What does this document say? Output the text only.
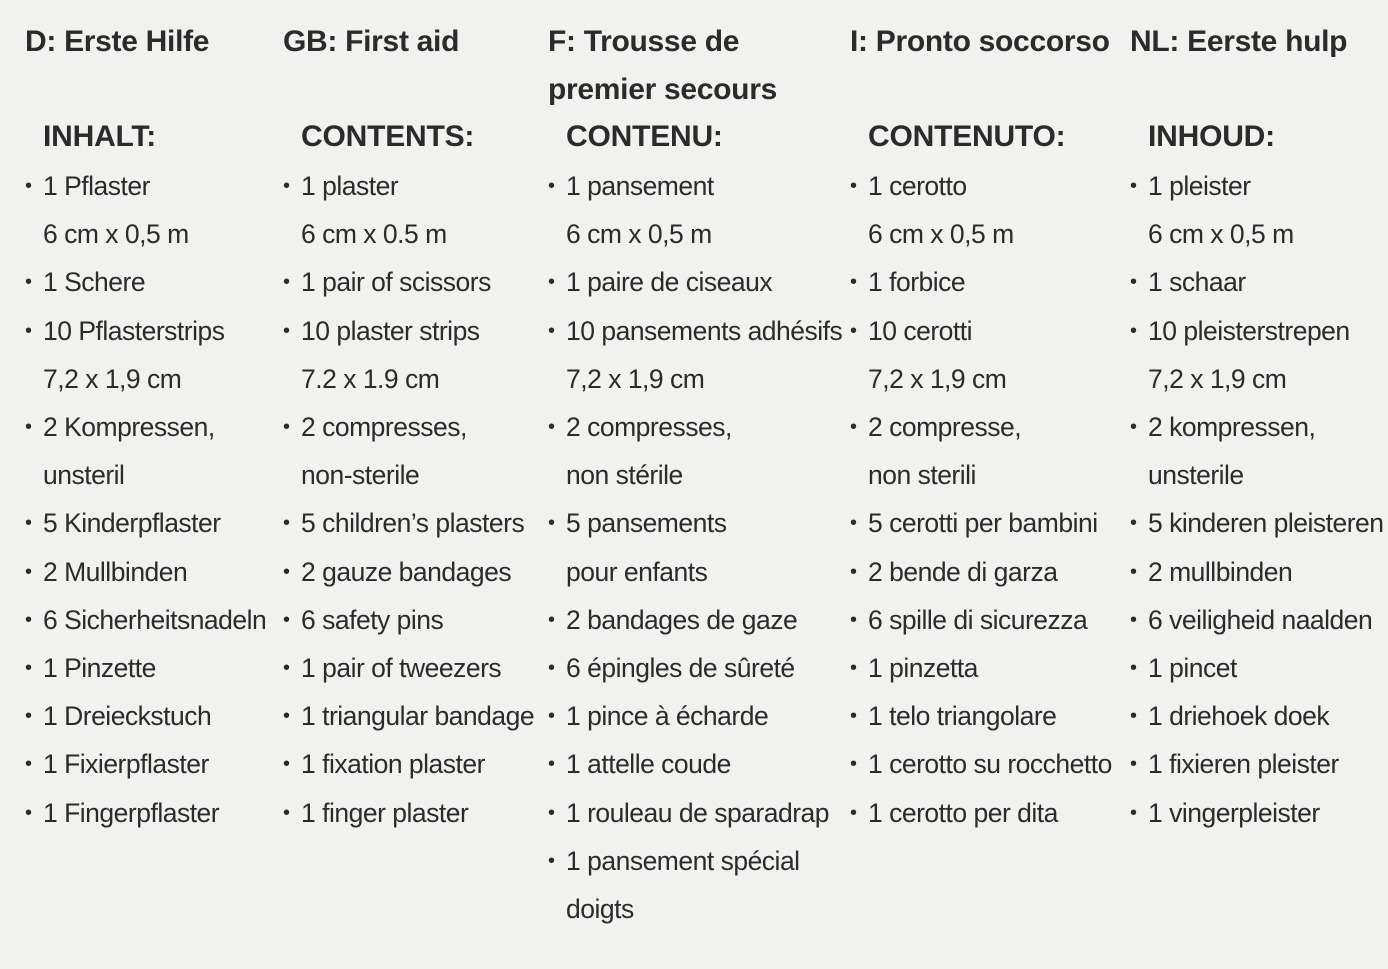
D: Erste Hilfe
INHALT:
• 1 Pflaster
6 cm x 0,5 m
• 1 Schere
• 10 Pflasterstrips
7,2 x 1,9 cm
• 2 Kompressen,
unsteril
• 5 Kinderpflaster
• 2 Mullbinden
• 6 Sicherheitsnadeln
• 1 Pinzette
• 1 Dreieckstuch
• 1 Fixierpflaster
• 1 Fingerpflaster
GB: First aid
CONTENTS:
• 1 plaster
6 cm x 0.5 m
• 1 pair of scissors
• 10 plaster strips
7.2 x 1.9 cm
• 2 compresses,
non-sterile
• 5 children’s plasters
• 2 gauze bandages
• 6 safety pins
• 1 pair of tweezers
• 1 triangular bandage
• 1 fixation plaster
• 1 finger plaster
F: Trousse de
premier secours
CONTENU:
• 1 pansement
6 cm x 0,5 m
• 1 paire de ciseaux
• 10 pansements adhésifs
7,2 x 1,9 cm
• 2 compresses,
non stérile
• 5 pansements
pour enfants
• 2 bandages de gaze
• 6 épingles de sûreté
• 1 pince à écharde
• 1 attelle coude
• 1 rouleau de sparadrap
• 1 pansement spécial
doigts
I: Pronto soccorso
CONTENUTO:
• 1 cerotto
6 cm x 0,5 m
• 1 forbice
• 10 cerotti
7,2 x 1,9 cm
• 2 compresse,
non sterili
• 5 cerotti per bambini
• 2 bende di garza
• 6 spille di sicurezza
• 1 pinzetta
• 1 telo triangolare
• 1 cerotto su rocchetto
• 1 cerotto per dita
NL: Eerste hulp
INHOUD:
• 1 pleister
6 cm x 0,5 m
• 1 schaar
• 10 pleisterstrepen
7,2 x 1,9 cm
• 2 kompressen,
unsterile
• 5 kinderen pleisteren
• 2 mullbinden
• 6 veiligheid naalden
• 1 pincet
• 1 driehoek doek
• 1 fixieren pleister
• 1 vingerpleister
